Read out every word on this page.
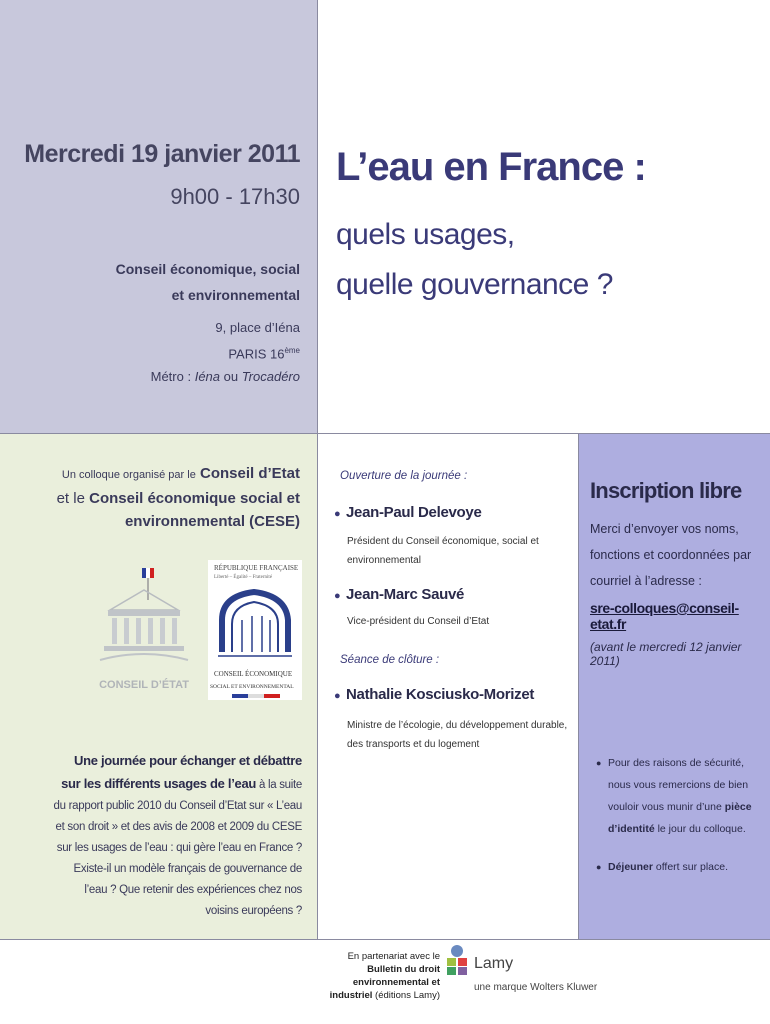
Mercredi 19 janvier 2011
9h00 - 17h30
Conseil économique, social
et environnemental
9, place d’Iéna
PARIS 16ème
Métro : Iéna ou Trocadéro
L’eau en France :
quels usages,
quelle gouvernance ?
Un colloque organisé par le Conseil d’Etat
et le Conseil économique social et environnemental (CESE)
CONSEIL D’ÉTAT
RÉPUBLIQUE FRANÇAISE
Liberté – Égalité – Fraternité
CONSEIL ÉCONOMIQUE
SOCIAL ET ENVIRONNEMENTAL
Une journée pour échanger et débattre sur les différents usages de l’eau à la suite du rapport public 2010 du Conseil d’Etat sur « L’eau et son droit » et des avis de 2008 et 2009 du CESE sur les usages de l’eau : qui gère l’eau en France ? Existe-il un modèle français de gouvernance de l’eau ? Que retenir des expériences chez nos voisins européens ?
Ouverture de la journée :
● Jean-Paul Delevoye
Président du Conseil économique, social et environnemental
● Jean-Marc Sauvé
Vice-président du Conseil d’Etat
Séance de clôture :
● Nathalie Kosciusko-Morizet
Ministre de l’écologie, du développement durable, des transports et du logement
Inscription libre
Merci d’envoyer vos noms, fonctions et coordonnées par courriel à l’adresse :
sre-colloques@conseil-etat.fr
(avant le mercredi 12 janvier 2011)
● Pour des raisons de sécurité, nous vous remercions de bien vouloir vous munir d’une pièce d’identité le jour du colloque.
● Déjeuner offert sur place.
En partenariat avec le Bulletin du droit environnemental et industriel (éditions Lamy)
Lamy
une marque Wolters Kluwer
